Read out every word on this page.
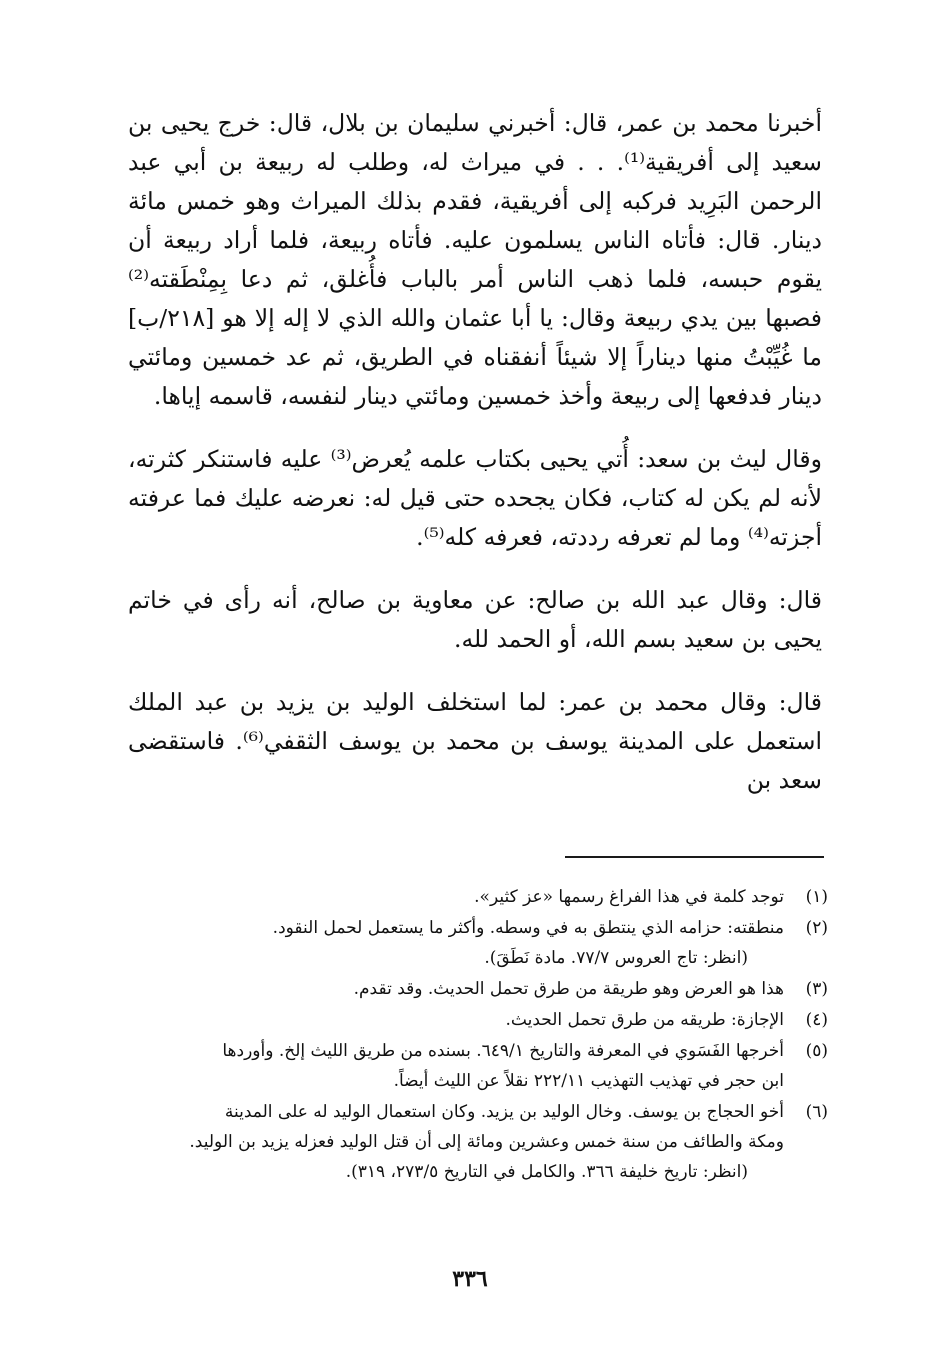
أخبرنا محمد بن عمر، قال: أخبرني سليمان بن بلال، قال: خرج يحيى بن سعيد إلى أفريقية⁽¹⁾. . . في ميراث له، وطلب له ربيعة بن أبي عبد الرحمن البَرِيد فركبه إلى أفريقية، فقدم بذلك الميراث وهو خمس مائة دينار. قال: فأتاه الناس يسلمون عليه. فأتاه ربيعة، فلما أراد ربيعة أن يقوم حبسه، فلما ذهب الناس أمر بالباب فأُغلق، ثم دعا بِمِنْطَقته⁽²⁾ فصبها بين يدي ربيعة وقال: يا أبا عثمان والله الذي لا إله إلا هو [٢١٨/ب] ما غُيِّبْتُ منها ديناراً إلا شيئاً أنفقناه في الطريق، ثم عد خمسين ومائتي دينار فدفعها إلى ربيعة وأخذ خمسين ومائتي دينار لنفسه، قاسمه إياها.

وقال ليث بن سعد: أُتي يحيى بكتاب علمه يُعرض⁽³⁾ عليه فاستنكر كثرته، لأنه لم يكن له كتاب، فكان يجحده حتى قيل له: نعرضه عليك فما عرفته أجزته⁽⁴⁾ وما لم تعرفه رددته، فعرفه كله⁽⁵⁾.

قال: وقال عبد الله بن صالح: عن معاوية بن صالح، أنه رأى في خاتم يحيى بن سعيد بسم الله، أو الحمد لله.

قال: وقال محمد بن عمر: لما استخلف الوليد بن يزيد بن عبد الملك استعمل على المدينة يوسف بن محمد بن يوسف الثقفي⁽⁶⁾. فاستقضى سعد بن

(١)
توجد كلمة في هذا الفراغ رسمها «عز كثير».
(٢)
منطقته: حزامه الذي ينتطق به في وسطه. وأكثر ما يستعمل لحمل النقود.
(انظر: تاج العروس ٧٧/٧. مادة نَطَقَ).
(٣)
هذا هو العرض وهو طريقة من طرق تحمل الحديث. وقد تقدم.
(٤)
الإجازة: طريقه من طرق تحمل الحديث.
(٥)
أخرجها الفَسَوي في المعرفة والتاريخ ٦٤٩/١. بسنده من طريق الليث إلخ. وأوردها
ابن حجر في تهذيب التهذيب ٢٢٢/١١ نقلاً عن الليث أيضاً.
(٦)
أخو الحجاج بن يوسف. وخال الوليد بن يزيد. وكان استعمال الوليد له على المدينة
ومكة والطائف من سنة خمس وعشرين ومائة إلى أن قتل الوليد فعزله يزيد بن الوليد.
(انظر: تاريخ خليفة ٣٦٦. والكامل في التاريخ ٢٧٣/٥، ٣١٩).
٣٣٦
